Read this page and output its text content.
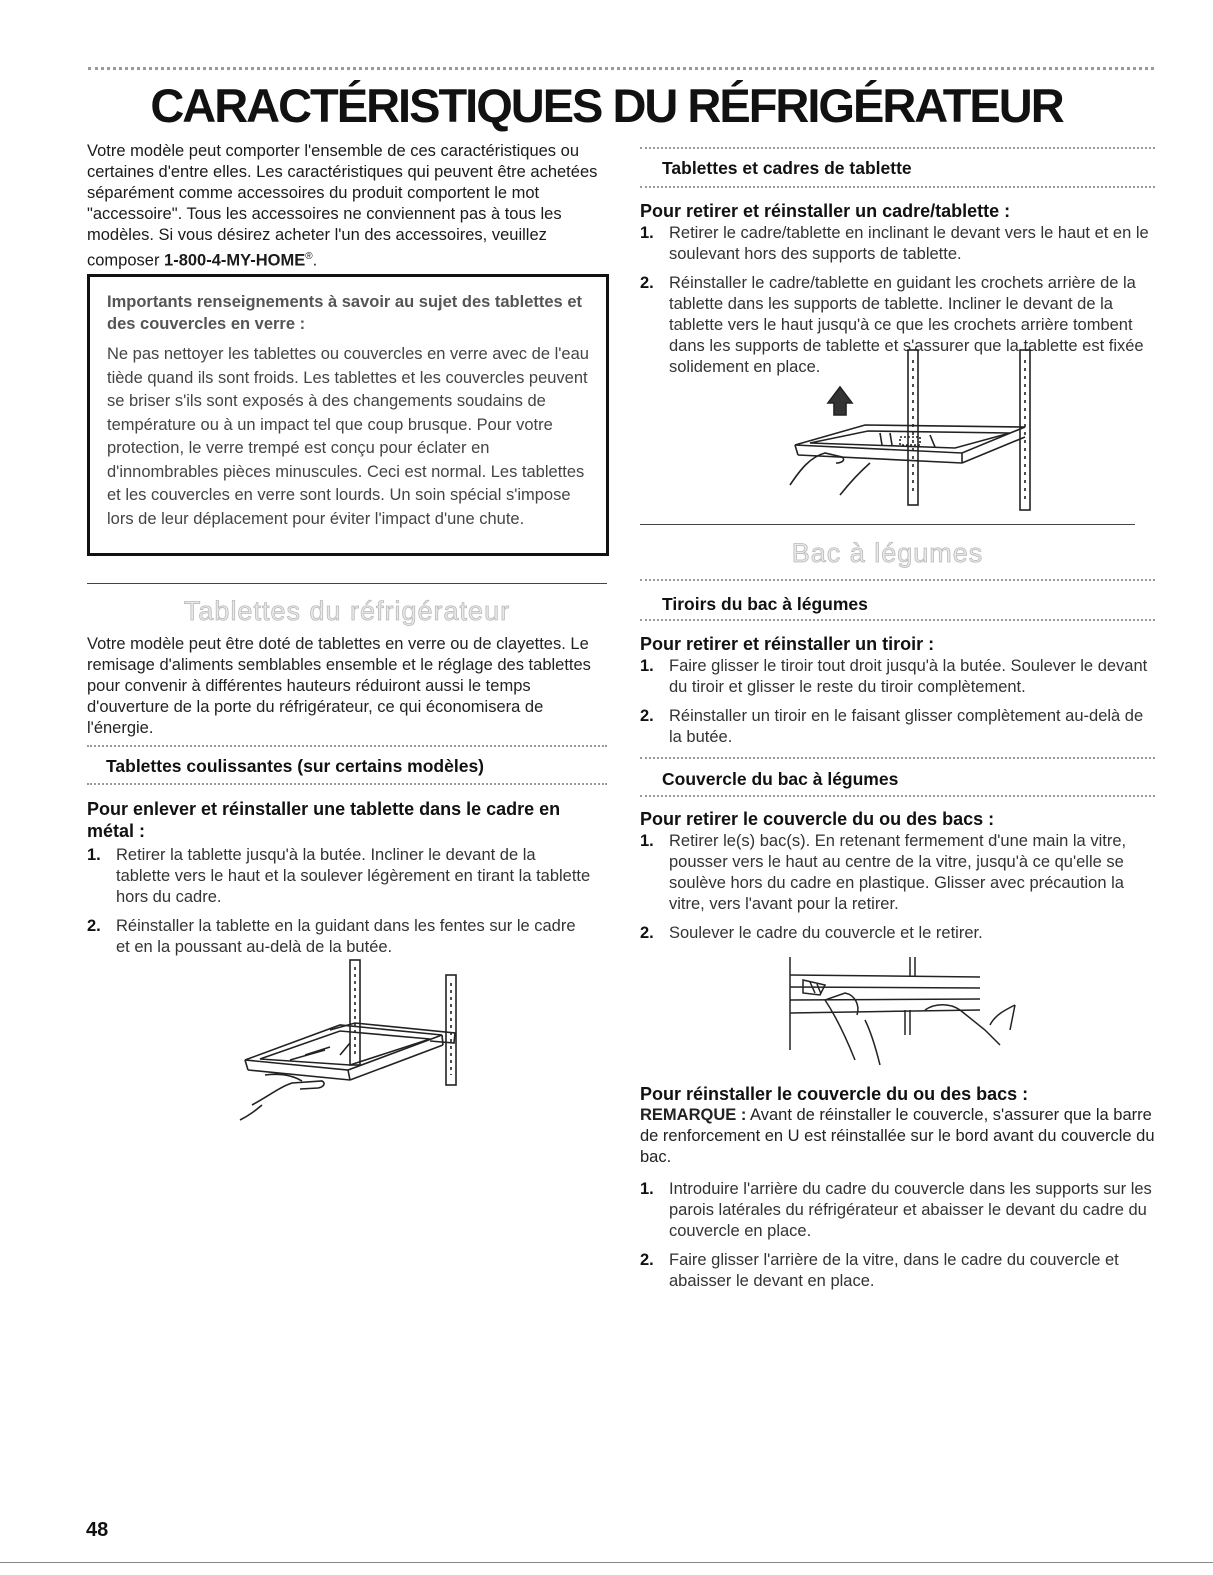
CARACTÉRISTIQUES DU RÉFRIGÉRATEUR

Votre modèle peut comporter l'ensemble de ces caractéristiques ou certaines d'entre elles. Les caractéristiques qui peuvent être achetées séparément comme accessoires du produit comportent le mot "accessoire". Tous les accessoires ne conviennent pas à tous les modèles. Si vous désirez acheter l'un des accessoires, veuillez composer 1-800-4-MY-HOME®.

Importants renseignements à savoir au sujet des tablettes et des couvercles en verre :
Ne pas nettoyer les tablettes ou couvercles en verre avec de l'eau tiède quand ils sont froids. Les tablettes et les couvercles peuvent se briser s'ils sont exposés à des changements soudains de température ou à un impact tel que coup brusque. Pour votre protection, le verre trempé est conçu pour éclater en d'innombrables pièces minuscules. Ceci est normal. Les tablettes et les couvercles en verre sont lourds. Un soin spécial s'impose lors de leur déplacement pour éviter l'impact d'une chute.
Tablettes du réfrigérateur

Votre modèle peut être doté de tablettes en verre ou de clayettes. Le remisage d'aliments semblables ensemble et le réglage des tablettes pour convenir à différentes hauteurs réduiront aussi le temps d'ouverture de la porte du réfrigérateur, ce qui économisera de l'énergie.

Tablettes coulissantes (sur certains modèles)
Pour enlever et réinstaller une tablette dans le cadre en métal :
1. Retirer la tablette jusqu'à la butée. Incliner le devant de la tablette vers le haut et la soulever légèrement en tirant la tablette hors du cadre.
2. Réinstaller la tablette en la guidant dans les fentes sur le cadre et en la poussant au-delà de la butée.
Tablettes et cadres de tablette
Pour retirer et réinstaller un cadre/tablette :
1. Retirer le cadre/tablette en inclinant le devant vers le haut et en le soulevant hors des supports de tablette.
2. Réinstaller le cadre/tablette en guidant les crochets arrière de la tablette dans les supports de tablette. Incliner le devant de la tablette vers le haut jusqu'à ce que les crochets arrière tombent dans les supports de tablette et s'assurer que la tablette est fixée solidement en place.
Bac à légumes
Tiroirs du bac à légumes
Pour retirer et réinstaller un tiroir :
1. Faire glisser le tiroir tout droit jusqu'à la butée. Soulever le devant du tiroir et glisser le reste du tiroir complètement.
2. Réinstaller un tiroir en le faisant glisser complètement au-delà de la butée.
Couvercle du bac à légumes
Pour retirer le couvercle du ou des bacs :
1. Retirer le(s) bac(s). En retenant fermement d'une main la vitre, pousser vers le haut au centre de la vitre, jusqu'à ce qu'elle se soulève hors du cadre en plastique. Glisser avec précaution la vitre, vers l'avant pour la retirer.
2. Soulever le cadre du couvercle et le retirer.
Pour réinstaller le couvercle du ou des bacs :

REMARQUE : Avant de réinstaller le couvercle, s'assurer que la barre de renforcement en U est réinstallée sur le bord avant du couvercle du bac.

1. Introduire l'arrière du cadre du couvercle dans les supports sur les parois latérales du réfrigérateur et abaisser le devant du cadre du couvercle en place.
2. Faire glisser l'arrière de la vitre, dans le cadre du couvercle et abaisser le devant en place.
48
